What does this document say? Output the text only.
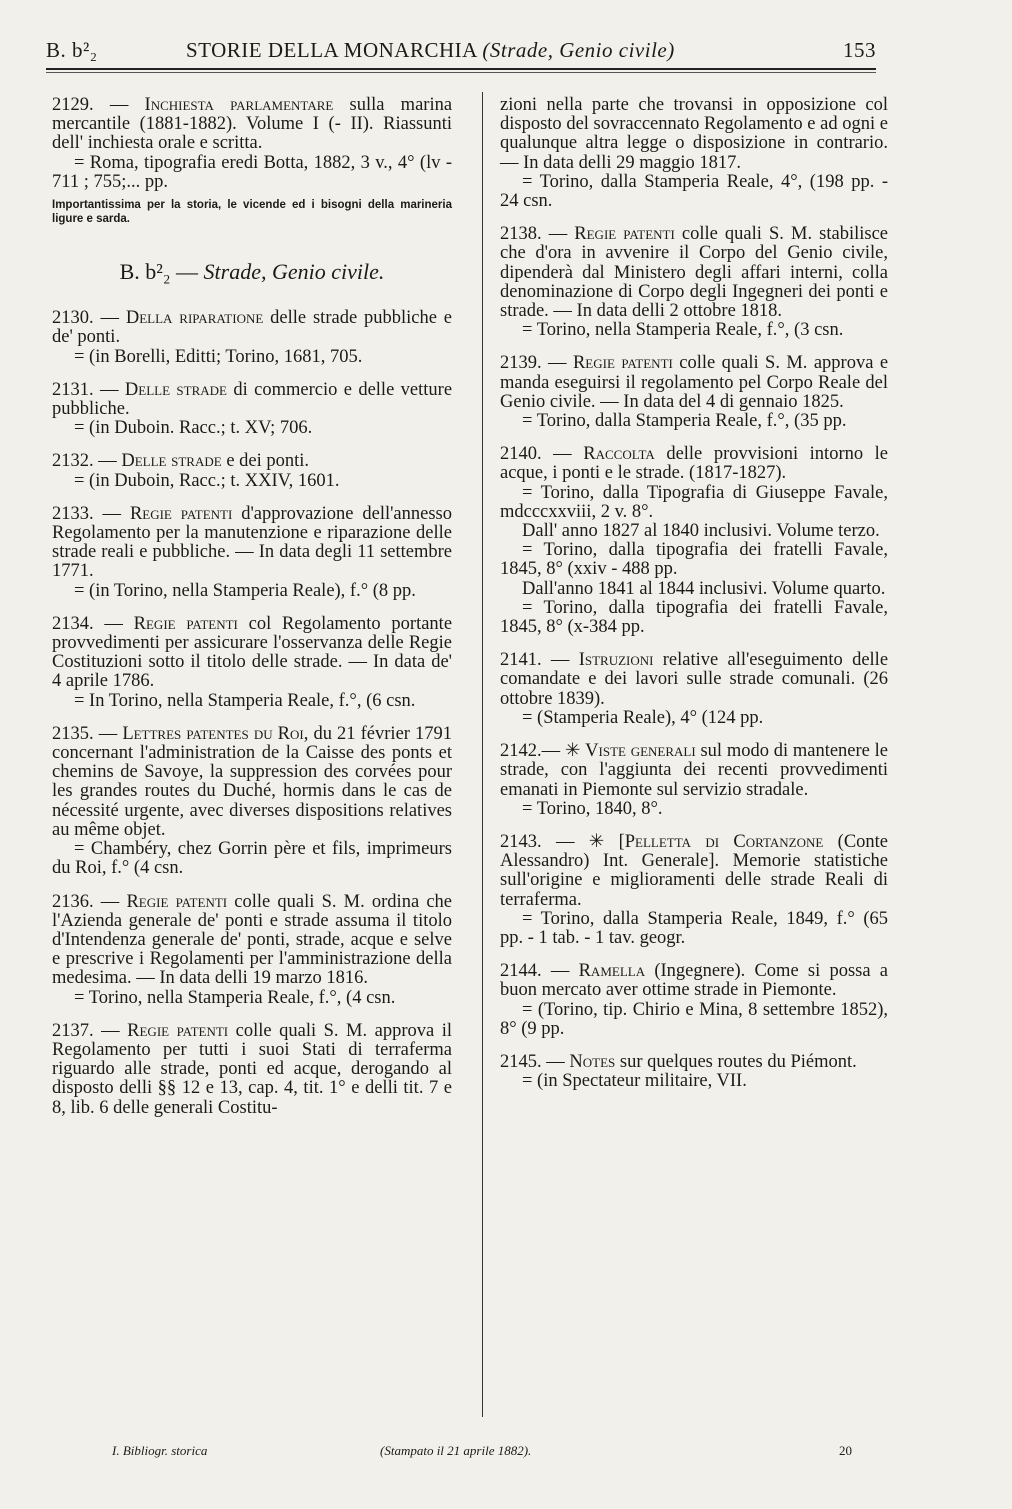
B. b²₂	STORIE DELLA MONARCHIA (Strade, Genio civile)	153

2129. — Inchiesta parlamentare sulla marina mercantile (1881-1882). Volume I (- II). Riassunti dell' inchiesta orale e scritta.

= Roma, tipografia eredi Botta, 1882, 3 v., 4° (lv - 711 ; 755;... pp.

Importantissima per la storia, le vicende ed i bisogni della marineria ligure e sarda.

B. b²₂ — Strade, Genio civile.

2130. — Della riparatione delle strade pubbliche e de' ponti.

= (in Borelli, Editti; Torino, 1681, 705.

2131. — Delle strade di commercio e delle vetture pubbliche.

= (in Duboin. Racc.; t. XV; 706.

2132. — Delle strade e dei ponti.

= (in Duboin, Racc.; t. XXIV, 1601.

2133. — Regie patenti d'approvazione dell'annesso Regolamento per la manutenzione e riparazione delle strade reali e pubbliche. — In data degli 11 settembre 1771.

= (in Torino, nella Stamperia Reale), f.° (8 pp.

2134. — Regie patenti col Regolamento portante provvedimenti per assicurare l'osservanza delle Regie Costituzioni sotto il titolo delle strade. — In data de' 4 aprile 1786.

= In Torino, nella Stamperia Reale, f.°, (6 csn.

2135. — Lettres patentes du Roi, du 21 février 1791 concernant l'administration de la Caisse des ponts et chemins de Savoye, la suppression des corvées pour les grandes routes du Duché, hormis dans le cas de nécessité urgente, avec diverses dispositions relatives au même objet.

= Chambéry, chez Gorrin père et fils, imprimeurs du Roi, f.° (4 csn.

2136. — Regie patenti colle quali S. M. ordina che l'Azienda generale de' ponti e strade assuma il titolo d'Intendenza generale de' ponti, strade, acque e selve e prescrive i Regolamenti per l'amministrazione della medesima. — In data delli 19 marzo 1816.

= Torino, nella Stamperia Reale, f.°, (4 csn.

2137. — Regie patenti colle quali S. M. approva il Regolamento per tutti i suoi Stati di terraferma riguardo alle strade, ponti ed acque, derogando al disposto delli §§ 12 e 13, cap. 4, tit. 1° e delli tit. 7 e 8, lib. 6 delle generali Costitu-

zioni nella parte che trovansi in opposizione col disposto del sovraccennato Regolamento e ad ogni e qualunque altra legge o disposizione in contrario. — In data delli 29 maggio 1817.

= Torino, dalla Stamperia Reale, 4°, (198 pp. - 24 csn.

2138. — Regie patenti colle quali S. M. stabilisce che d'ora in avvenire il Corpo del Genio civile, dipenderà dal Ministero degli affari interni, colla denominazione di Corpo degli Ingegneri dei ponti e strade. — In data delli 2 ottobre 1818.

= Torino, nella Stamperia Reale, f.°, (3 csn.

2139. — Regie patenti colle quali S. M. approva e manda eseguirsi il regolamento pel Corpo Reale del Genio civile. — In data del 4 di gennaio 1825.

= Torino, dalla Stamperia Reale, f.°, (35 pp.

2140. — Raccolta delle provvisioni intorno le acque, i ponti e le strade. (1817-1827).

= Torino, dalla Tipografia di Giuseppe Favale, mdcccxxviii, 2 v. 8°.

Dall' anno 1827 al 1840 inclusivi. Volume terzo.

= Torino, dalla tipografia dei fratelli Favale, 1845, 8° (xxiv - 488 pp.

Dall'anno 1841 al 1844 inclusivi. Volume quarto.

= Torino, dalla tipografia dei fratelli Favale, 1845, 8° (x-384 pp.

2141. — Istruzioni relative all'eseguimento delle comandate e dei lavori sulle strade comunali. (26 ottobre 1839).

= (Stamperia Reale), 4° (124 pp.

2142.— ✳ Viste generali sul modo di mantenere le strade, con l'aggiunta dei recenti provvedimenti emanati in Piemonte sul servizio stradale.

= Torino, 1840, 8°.

2143. — ✳ [Pelletta di Cortanzone (Conte Alessandro) Int. Generale]. Memorie statistiche sull'origine e miglioramenti delle strade Reali di terraferma.

= Torino, dalla Stamperia Reale, 1849, f.° (65 pp. - 1 tab. - 1 tav. geogr.

2144. — Ramella (Ingegnere). Come si possa a buon mercato aver ottime strade in Piemonte.

= (Torino, tip. Chirio e Mina, 8 settembre 1852), 8° (9 pp.

2145. — Notes sur quelques routes du Piémont.

= (in Spectateur militaire, VII.

I. Bibliogr. storica	(Stampato il 21 aprile 1882).	20
